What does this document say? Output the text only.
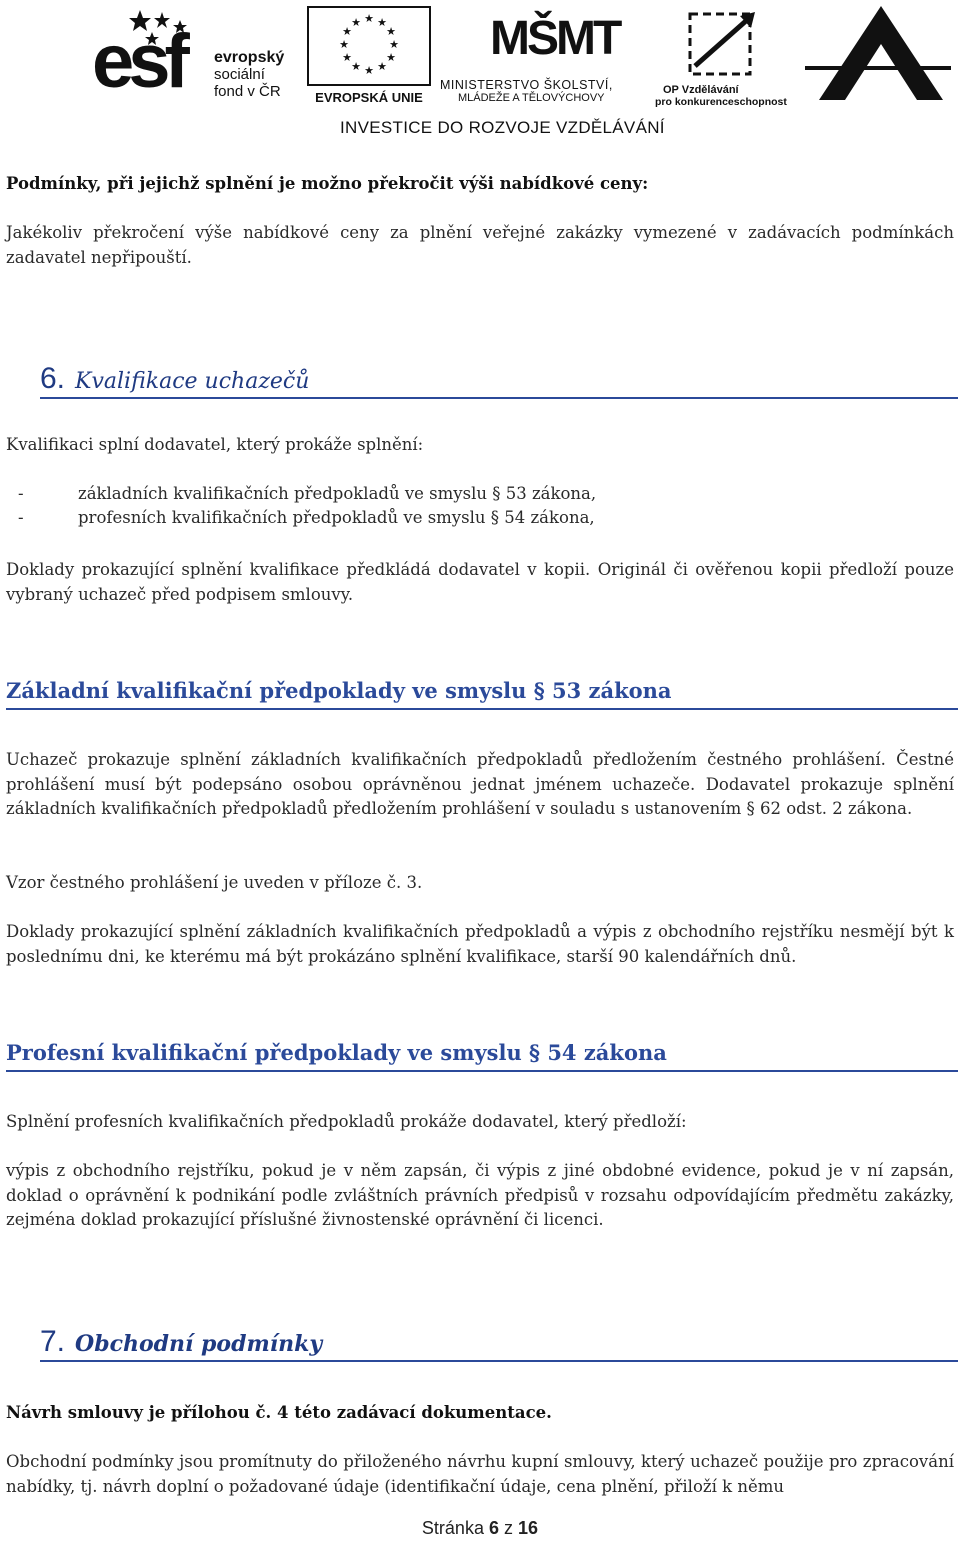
esf evropský
sociální
fond v ČR
★ ★
★
★
★
★
★
★
★
★
★
★
EVROPSKÁ UNIE
MŠMT
MINISTERSTVO ŠKOLSTVÍ,
MLÁDEŽE A TĚLOVÝCHOVY
OP Vzdělávání
pro konkurenceschopnost
INVESTICE DO ROZVOJE VZDĚLÁVÁNÍ
Podmínky, při jejichž splnění je možno překročit výši nabídkové ceny:
Jakékoliv překročení výše nabídkové ceny za plnění veřejné zakázky vymezené v zadávacích podmínkách zadavatel nepřipouští.
6. Kvalifikace uchazečů
Kvalifikaci splní dodavatel, který prokáže splnění:
-	základních kvalifikačních předpokladů ve smyslu § 53 zákona,
-	profesních kvalifikačních předpokladů ve smyslu § 54 zákona,
Doklady prokazující splnění kvalifikace předkládá dodavatel v kopii. Originál či ověřenou kopii předloží pouze vybraný uchazeč před podpisem smlouvy.
Základní kvalifikační předpoklady ve smyslu § 53 zákona
Uchazeč prokazuje splnění základních kvalifikačních předpokladů předložením čestného prohlášení. Čestné prohlášení musí být podepsáno osobou oprávněnou jednat jménem uchazeče. Dodavatel prokazuje splnění základních kvalifikačních předpokladů předložením prohlášení v souladu s ustanovením § 62 odst. 2 zákona.
Vzor čestného prohlášení je uveden v příloze č. 3.
Doklady prokazující splnění základních kvalifikačních předpokladů a výpis z obchodního rejstříku nesmějí být k poslednímu dni, ke kterému má být prokázáno splnění kvalifikace, starší 90 kalendářních dnů.
Profesní kvalifikační předpoklady ve smyslu § 54 zákona
Splnění profesních kvalifikačních předpokladů prokáže dodavatel, který předloží:
výpis z obchodního rejstříku, pokud je v něm zapsán, či výpis z jiné obdobné evidence, pokud je v ní zapsán, doklad o oprávnění k podnikání podle zvláštních právních předpisů v rozsahu odpovídajícím předmětu zakázky, zejména doklad prokazující příslušné živnostenské oprávnění či licenci.
7. Obchodní podmínky
Návrh smlouvy je přílohou č. 4 této zadávací dokumentace.
Obchodní podmínky jsou promítnuty do přiloženého návrhu kupní smlouvy, který uchazeč použije pro zpracování nabídky, tj. návrh doplní o požadované údaje (identifikační údaje, cena plnění, přiloží k němu
Stránka 6 z 16
